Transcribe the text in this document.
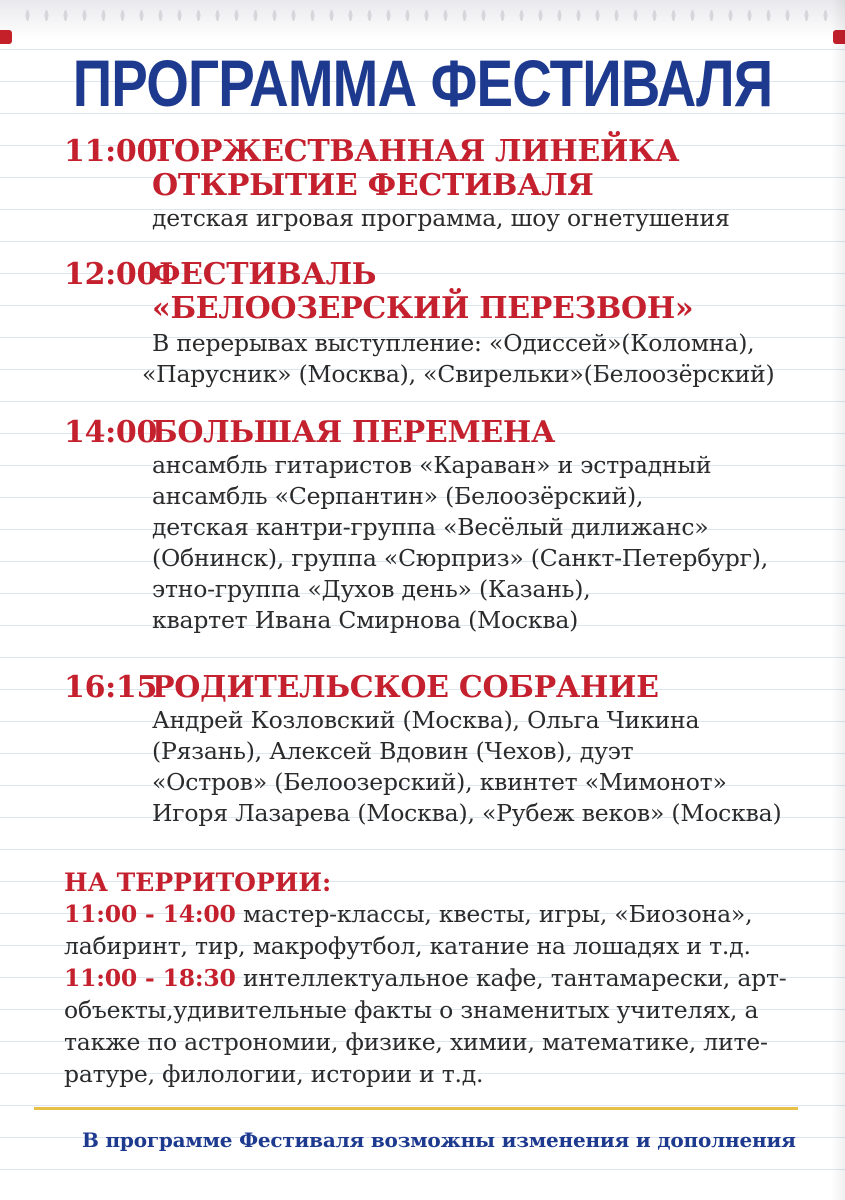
ПРОГРАММА ФЕСТИВАЛЯ
11:00ТОРЖЕСТВАННАЯ ЛИНЕЙКА
ОТКРЫТИЕ ФЕСТИВАЛЯ
детская игровая программа, шоу огнетушения
12:00ФЕСТИВАЛЬ
«БЕЛООЗЕРСКИЙ ПЕРЕЗВОН»
В перерывах выступление: «Одиссей»(Коломна),
«Парусник» (Москва), «Свирельки»(Белоозёрский)
14:00БОЛЬШАЯ ПЕРЕМЕНА
ансамбль гитаристов «Караван» и эстрадный
ансамбль «Серпантин» (Белоозёрский),
детская кантри-группа «Весёлый дилижанс»
(Обнинск), группа «Сюрприз» (Санкт-Петербург),
этно-группа «Духов день» (Казань),
квартет Ивана Смирнова (Москва)
16:15РОДИТЕЛЬСКОЕ СОБРАНИЕ
Андрей Козловский (Москва), Ольга Чикина
(Рязань), Алексей Вдовин (Чехов), дуэт
«Остров» (Белоозерский), квинтет «Мимонот»
Игоря Лазарева (Москва), «Рубеж веков» (Москва)
НА ТЕРРИТОРИИ:
11:00 - 14:00 мастер-классы, квесты, игры, «Биозона»,
лабиринт, тир, макрофутбол, катание на лошадях и т.д.
11:00 - 18:30 интеллектуальное кафе, тантамарески, арт-
объекты,удивительные факты о знаменитых учителях, а
также по астрономии, физике, химии, математике, лите-
ратуре, филологии, истории и т.д.
В программе Фестиваля возможны изменения и дополнения
